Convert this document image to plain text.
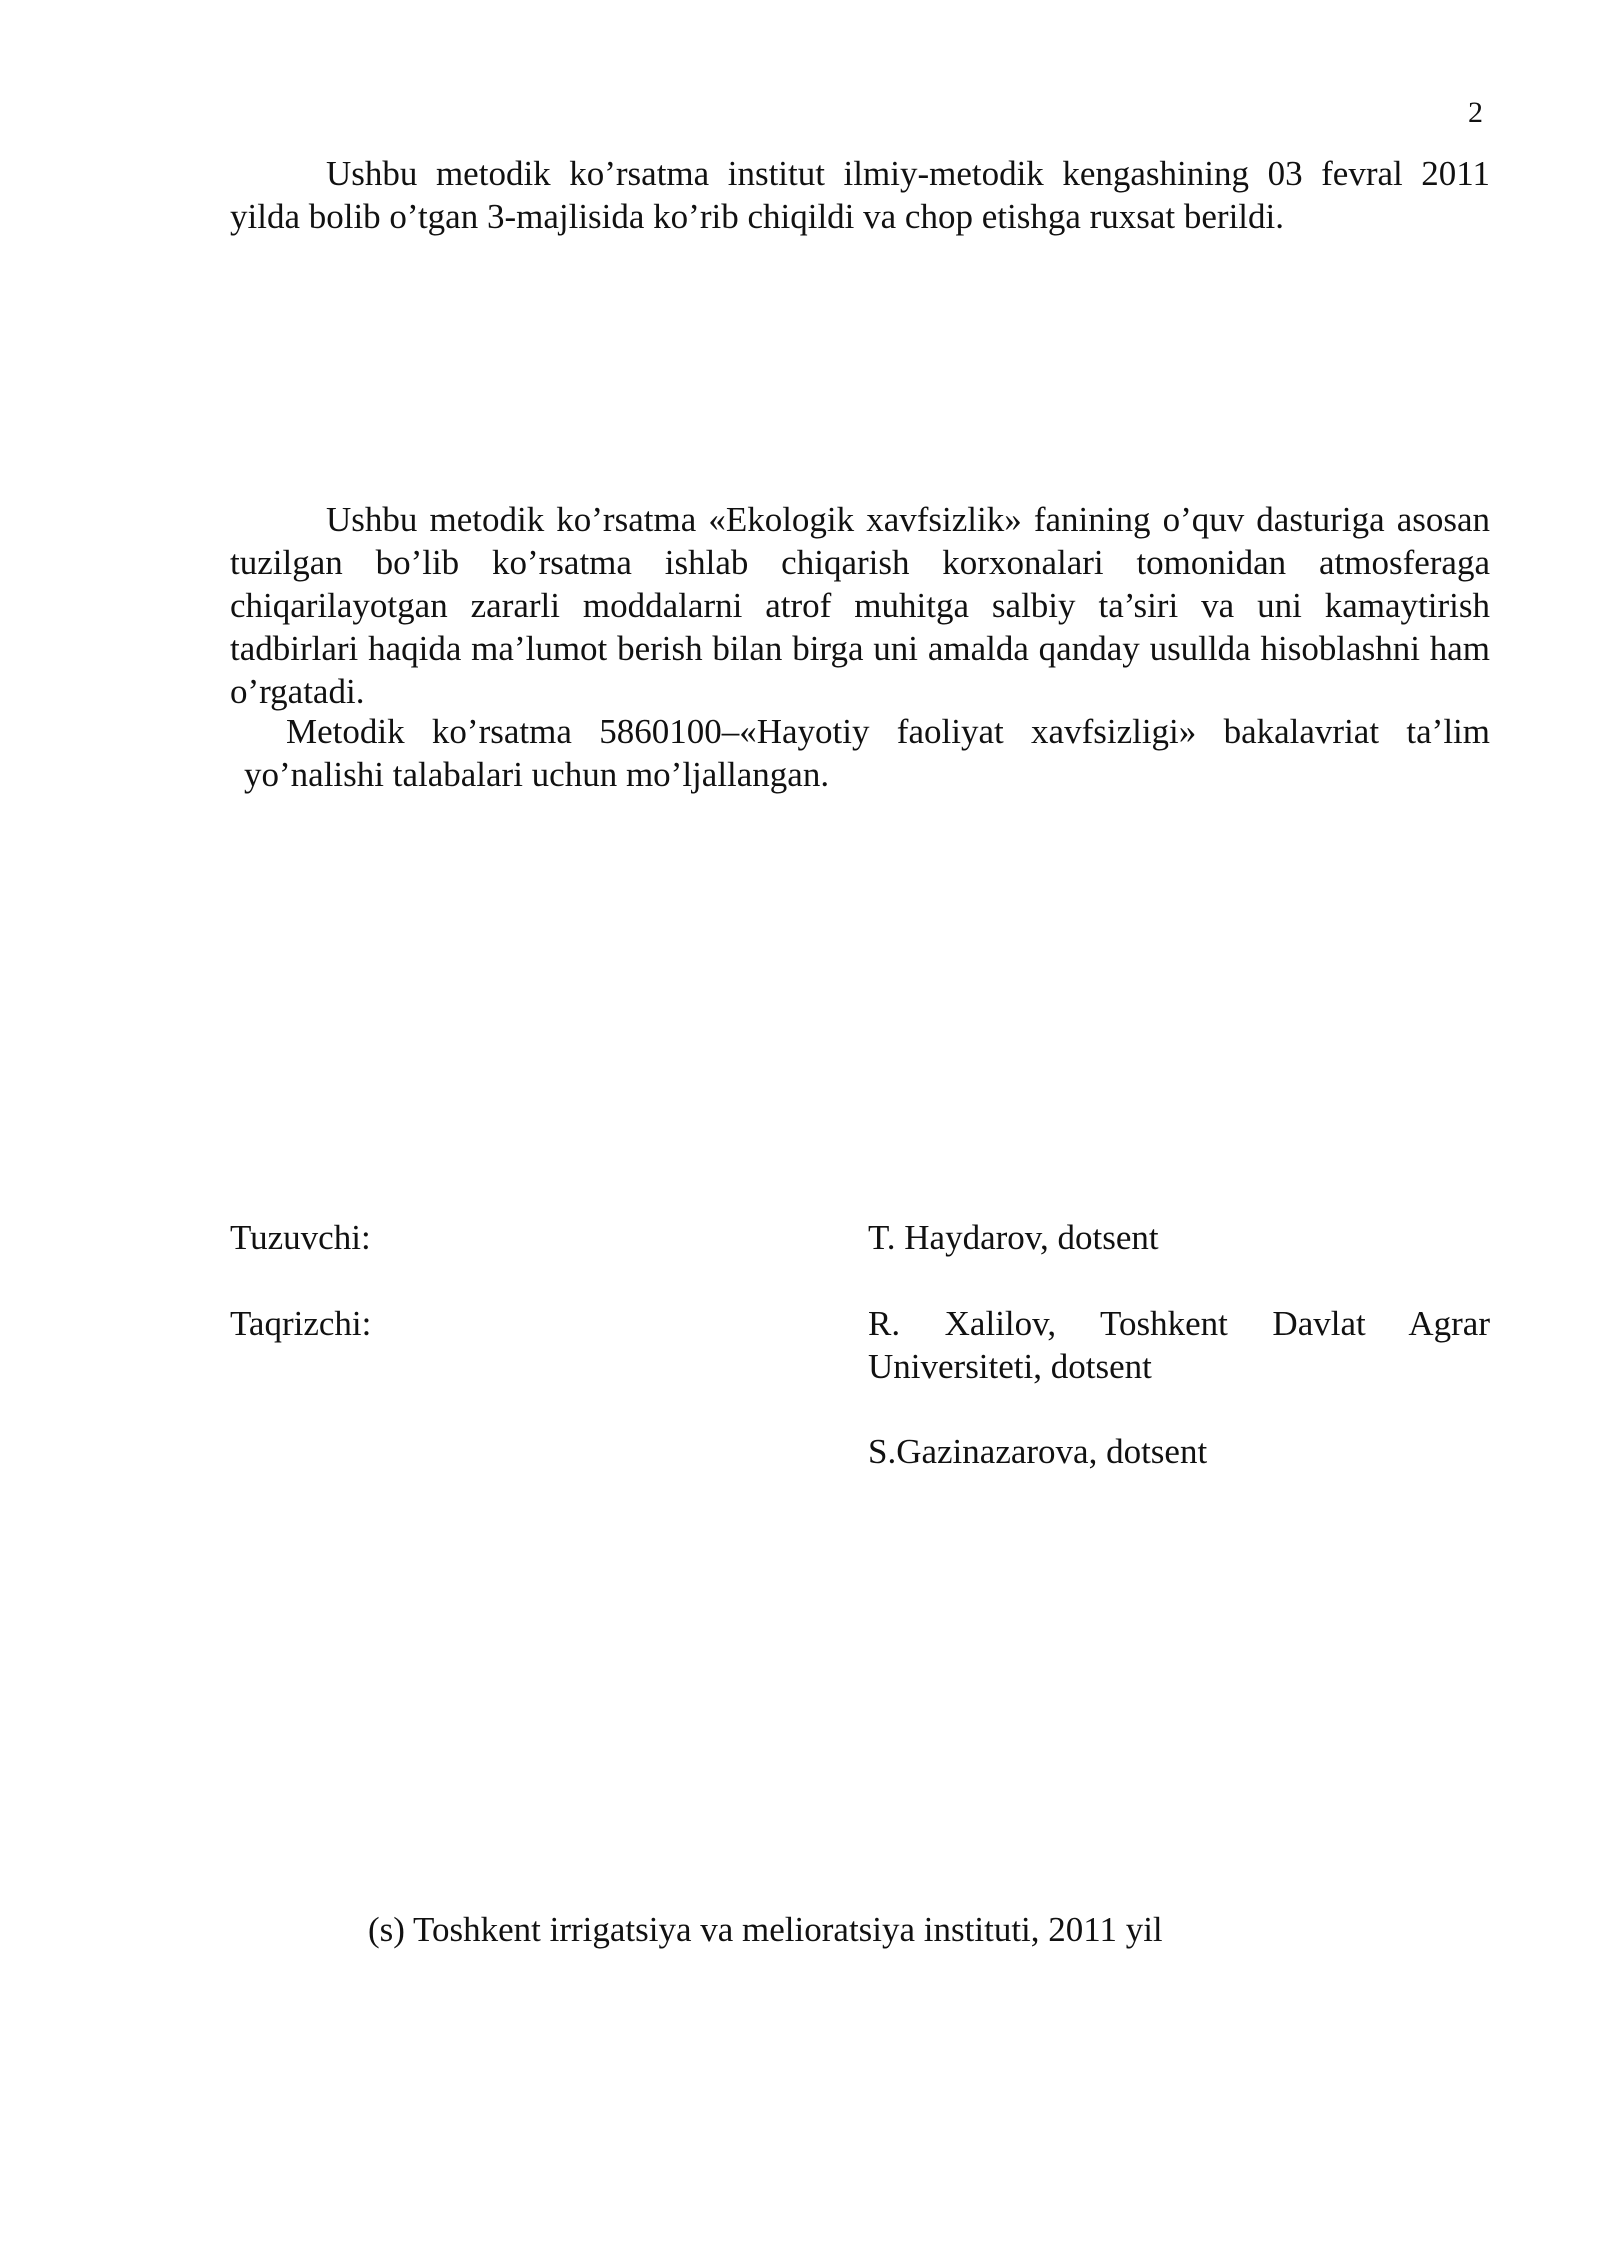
2

Ushbu metodik ko’rsatma institut ilmiy-metodik kengashining 03 fevral 2011 yilda bolib o’tgan 3-majlisida ko’rib chiqildi va chop etishga ruxsat berildi.

Ushbu metodik ko’rsatma «Ekologik xavfsizlik» fanining o’quv dasturiga asosan tuzilgan bo’lib ko’rsatma ishlab chiqarish korxonalari tomonidan atmosferaga chiqarilayotgan zararli moddalarni atrof muhitga salbiy ta’siri va uni kamaytirish tadbirlari haqida ma’lumot berish bilan birga uni amalda qanday usullda hisoblashni ham o’rgatadi.

Metodik ko’rsatma 5860100–«Hayotiy faoliyat xavfsizligi» bakalavriat ta’lim yo’nalishi talabalari uchun mo’ljallangan.

Tuzuvchi:	T. Haydarov, dotsent
Taqrizchi:	R. Xalilov, Toshkent Davlat Agrar Universiteti, dotsent
S.Gazinazarova, dotsent
(s) Toshkent irrigatsiya va melioratsiya instituti, 2011 yil
